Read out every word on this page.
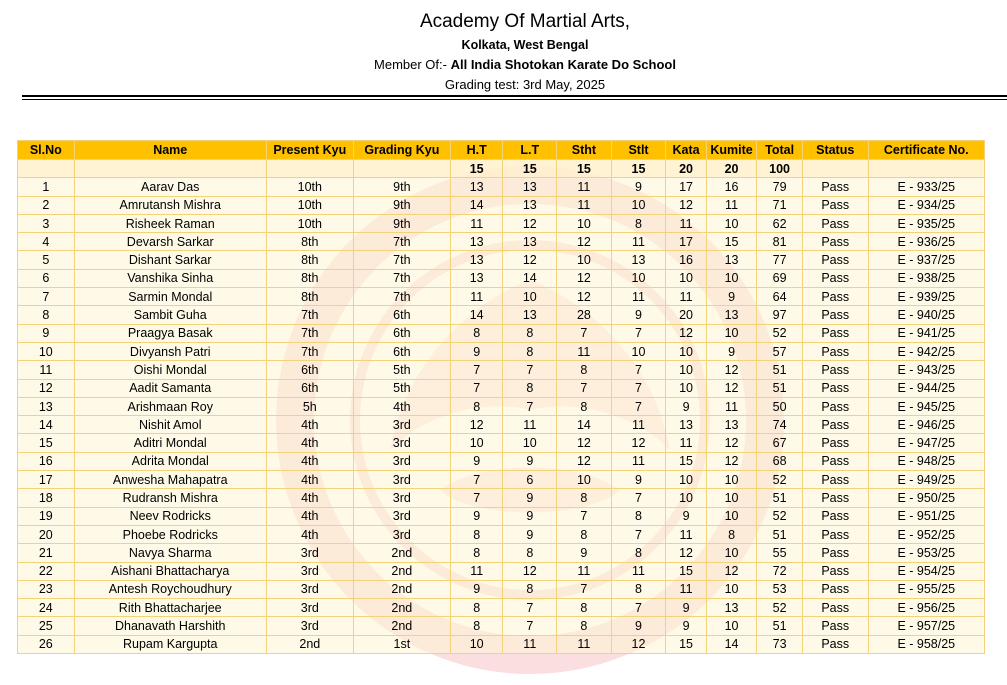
Academy Of Martial Arts,
Kolkata, West Bengal
Member Of:- All India Shotokan Karate Do School
Grading test: 3rd May, 2025
Sl.No	Name	Present Kyu	Grading Kyu	H.T	L.T	Stht	Stlt	Kata	Kumite	Total	Status	Certificate No.
				15	15	15	15	20	20	100		
1	Aarav Das	10th	9th	13	13	11	9	17	16	79	Pass	E - 933/25
2	Amrutansh Mishra	10th	9th	14	13	11	10	12	11	71	Pass	E - 934/25
3	Risheek Raman	10th	9th	11	12	10	8	11	10	62	Pass	E - 935/25
4	Devarsh Sarkar	8th	7th	13	13	12	11	17	15	81	Pass	E - 936/25
5	Dishant Sarkar	8th	7th	13	12	10	13	16	13	77	Pass	E - 937/25
6	Vanshika Sinha	8th	7th	13	14	12	10	10	10	69	Pass	E - 938/25
7	Sarmin Mondal	8th	7th	11	10	12	11	11	9	64	Pass	E - 939/25
8	Sambit Guha	7th	6th	14	13	28	9	20	13	97	Pass	E - 940/25
9	Praagya Basak	7th	6th	8	8	7	7	12	10	52	Pass	E - 941/25
10	Divyansh Patri	7th	6th	9	8	11	10	10	9	57	Pass	E - 942/25
11	Oishi Mondal	6th	5th	7	7	8	7	10	12	51	Pass	E - 943/25
12	Aadit Samanta	6th	5th	7	8	7	7	10	12	51	Pass	E - 944/25
13	Arishmaan Roy	5h	4th	8	7	8	7	9	11	50	Pass	E - 945/25
14	Nishit Amol	4th	3rd	12	11	14	11	13	13	74	Pass	E - 946/25
15	Aditri Mondal	4th	3rd	10	10	12	12	11	12	67	Pass	E - 947/25
16	Adrita Mondal	4th	3rd	9	9	12	11	15	12	68	Pass	E - 948/25
17	Anwesha Mahapatra	4th	3rd	7	6	10	9	10	10	52	Pass	E - 949/25
18	Rudransh Mishra	4th	3rd	7	9	8	7	10	10	51	Pass	E - 950/25
19	Neev Rodricks	4th	3rd	9	9	7	8	9	10	52	Pass	E - 951/25
20	Phoebe Rodricks	4th	3rd	8	9	8	7	11	8	51	Pass	E - 952/25
21	Navya Sharma	3rd	2nd	8	8	9	8	12	10	55	Pass	E - 953/25
22	Aishani Bhattacharya	3rd	2nd	11	12	11	11	15	12	72	Pass	E - 954/25
23	Antesh Roychoudhury	3rd	2nd	9	8	7	8	11	10	53	Pass	E - 955/25
24	Rith Bhattacharjee	3rd	2nd	8	7	8	7	9	13	52	Pass	E - 956/25
25	Dhanavath Harshith	3rd	2nd	8	7	8	9	9	10	51	Pass	E - 957/25
26	Rupam Kargupta	2nd	1st	10	11	11	12	15	14	73	Pass	E - 958/25
